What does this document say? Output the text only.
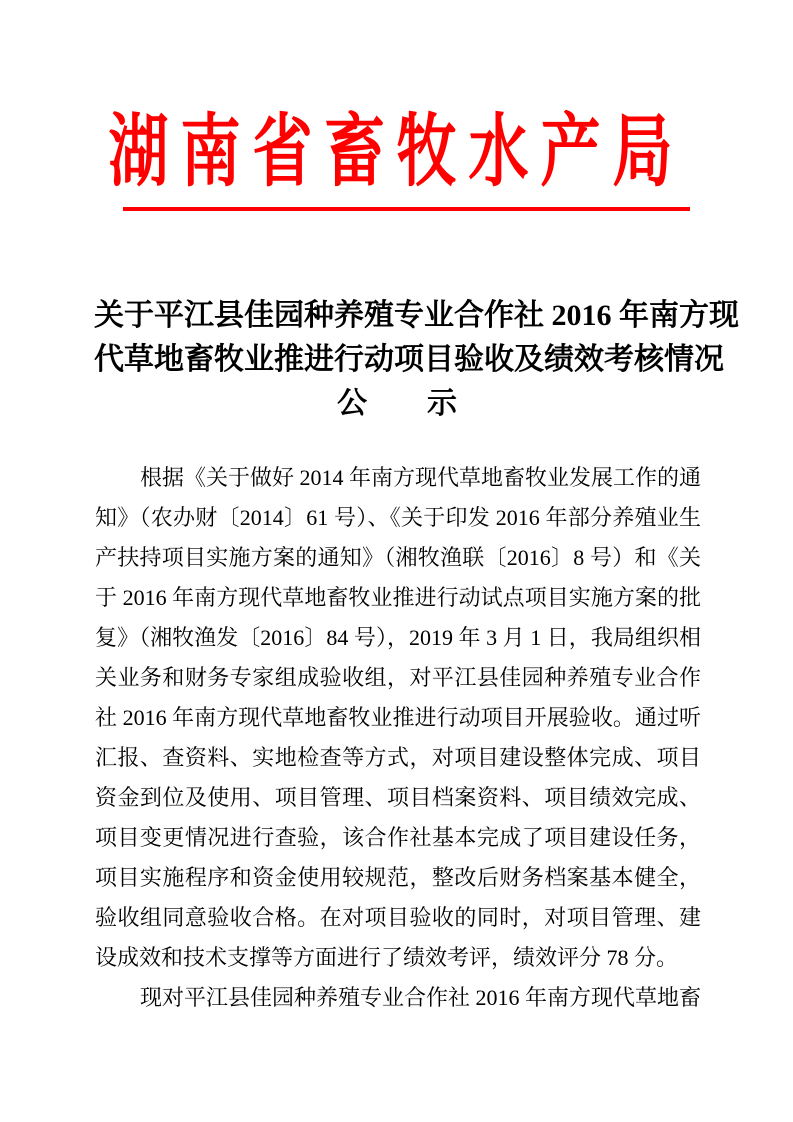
湖南省畜牧水产局
关于平江县佳园种养殖专业合作社 2016 年南方现
代草地畜牧业推进行动项目验收及绩效考核情况
公　　示
根据《关于做好 2014 年南方现代草地畜牧业发展工作的通
知》（农办财〔2014〕61 号）、《关于印发 2016 年部分养殖业生
产扶持项目实施方案的通知》（湘牧渔联〔2016〕8 号）和《关
于 2016 年南方现代草地畜牧业推进行动试点项目实施方案的批
复》（湘牧渔发〔2016〕84 号），2019 年 3 月 1 日，我局组织相
关业务和财务专家组成验收组，对平江县佳园种养殖专业合作
社 2016 年南方现代草地畜牧业推进行动项目开展验收。通过听
汇报、查资料、实地检查等方式，对项目建设整体完成、项目
资金到位及使用、项目管理、项目档案资料、项目绩效完成、
项目变更情况进行查验，该合作社基本完成了项目建设任务，
项目实施程序和资金使用较规范，整改后财务档案基本健全，
验收组同意验收合格。在对项目验收的同时，对项目管理、建
设成效和技术支撑等方面进行了绩效考评，绩效评分 78 分。
现对平江县佳园种养殖专业合作社 2016 年南方现代草地畜
